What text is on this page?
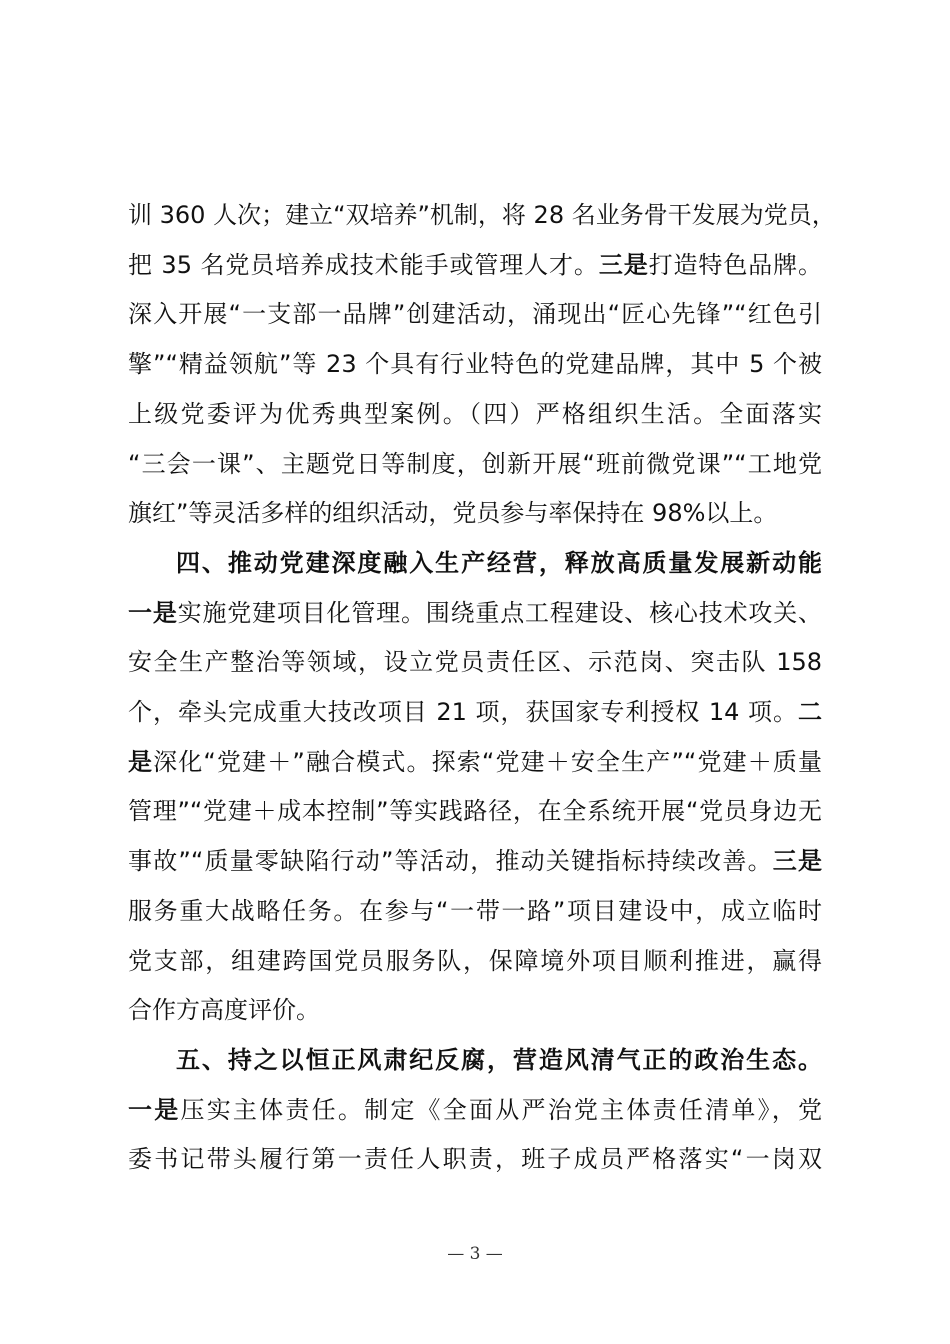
训 360 人次；建立“双培养”机制，将 28 名业务骨干发展为党员，
把 35 名党员培养成技术能手或管理人才。三是打造特色品牌。
深入开展“一支部一品牌”创建活动，涌现出“匠心先锋”“红色引
擎”“精益领航”等 23 个具有行业特色的党建品牌，其中 5 个被
上级党委评为优秀典型案例。（四）严格组织生活。全面落实
“三会一课”、主题党日等制度，创新开展“班前微党课”“工地党
旗红”等灵活多样的组织活动，党员参与率保持在 98%以上。
四、推动党建深度融入生产经营，释放高质量发展新动能
一是实施党建项目化管理。围绕重点工程建设、核心技术攻关、
安全生产整治等领域，设立党员责任区、示范岗、突击队 158
个，牵头完成重大技改项目 21 项，获国家专利授权 14 项。二
是深化“党建＋”融合模式。探索“党建＋安全生产”“党建＋质量
管理”“党建＋成本控制”等实践路径，在全系统开展“党员身边无
事故”“质量零缺陷行动”等活动，推动关键指标持续改善。三是
服务重大战略任务。在参与“一带一路”项目建设中，成立临时
党支部，组建跨国党员服务队，保障境外项目顺利推进，赢得
合作方高度评价。
五、持之以恒正风肃纪反腐，营造风清气正的政治生态。
一是压实主体责任。制定《全面从严治党主体责任清单》，党
委书记带头履行第一责任人职责，班子成员严格落实“一岗双
— 3 —
